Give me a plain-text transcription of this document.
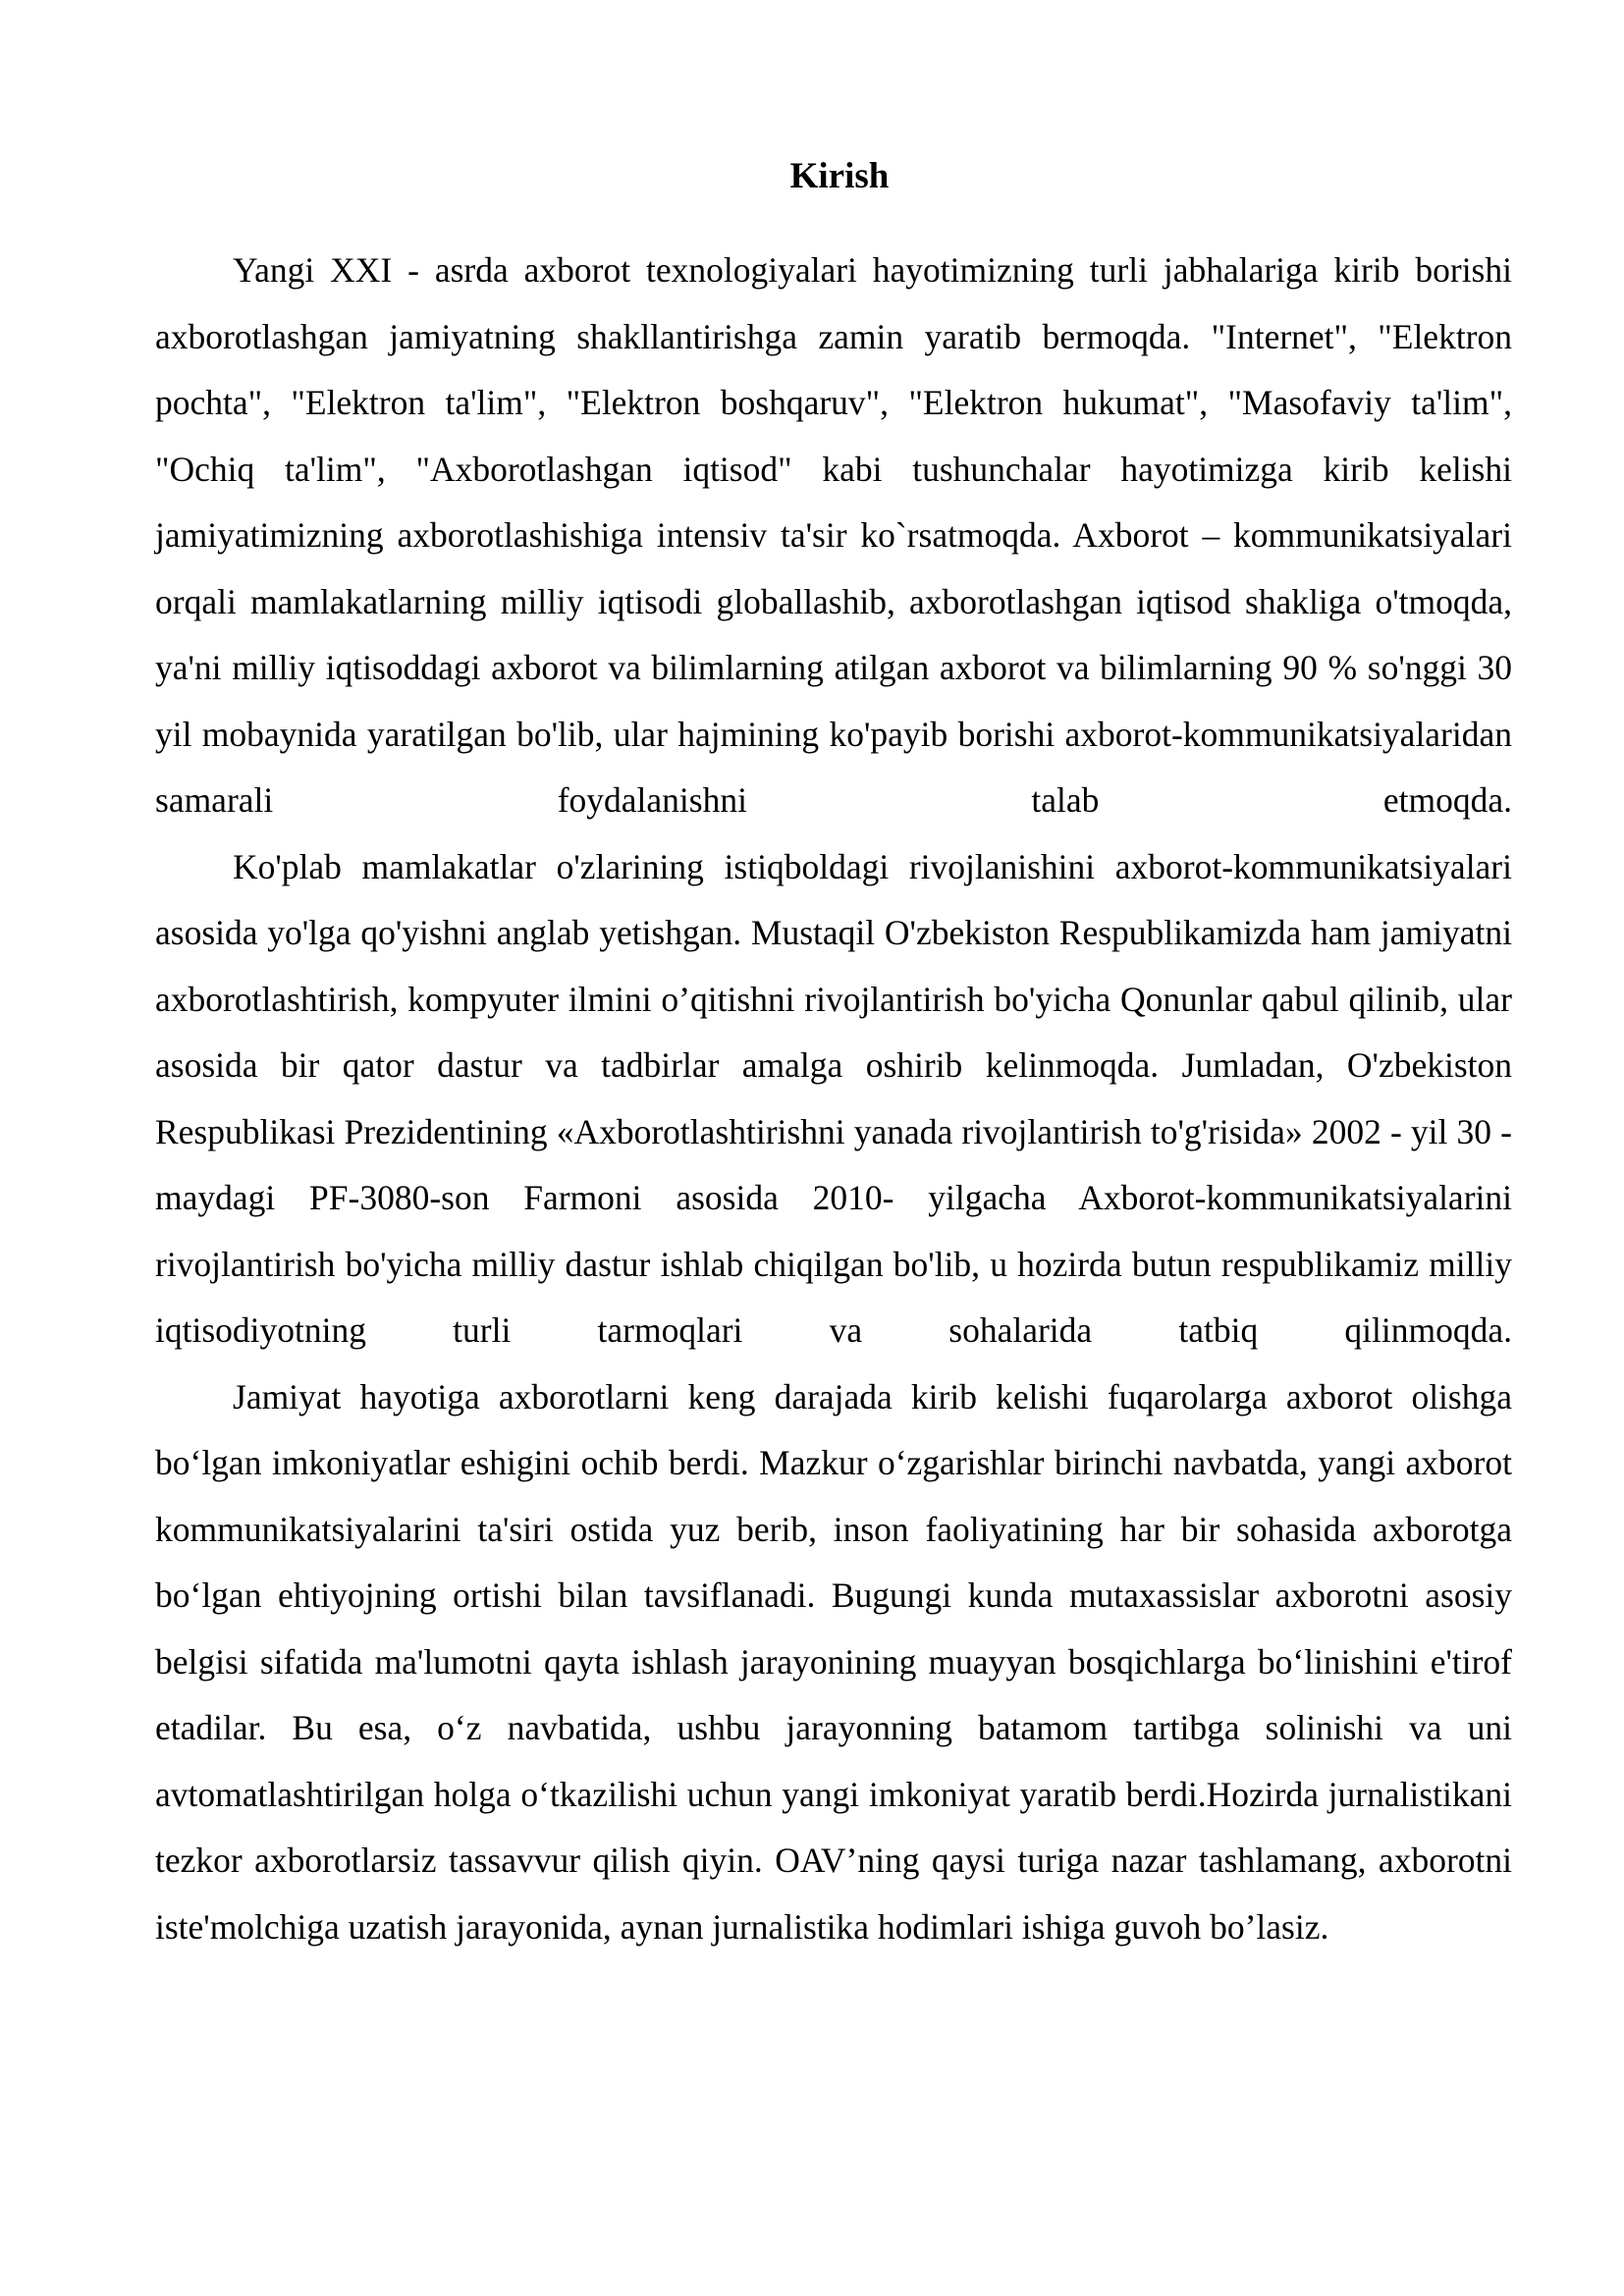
Kirish

Yangi XXI - asrda axborot texnologiyalari hayotimizning turli jabhalariga kirib borishi axborotlashgan jamiyatning shakllantirishga zamin yaratib bermoqda. "Internet", "Elektron pochta", "Elektron ta'lim", "Elektron boshqaruv", "Elektron hukumat", "Masofaviy ta'lim", "Ochiq ta'lim", "Axborotlashgan iqtisod" kabi tushunchalar hayotimizga kirib kelishi jamiyatimizning axborotlashishiga intensiv ta'sir ko`rsatmoqda. Axborot – kommunikatsiyalari orqali mamlakatlarning milliy iqtisodi globallashib, axborotlashgan iqtisod shakliga o'tmoqda, ya'ni milliy iqtisoddagi axborot va bilimlarning atilgan axborot va bilimlarning 90 % so'nggi 30 yil mobaynida yaratilgan bo'lib, ular hajmining ko'payib borishi axborot-kommunikatsiyalaridan samarali foydalanishni talab etmoqda.

Ko'plab mamlakatlar o'zlarining istiqboldagi rivojlanishini axborot-kommunikatsiyalari asosida yo'lga qo'yishni anglab yetishgan. Mustaqil O'zbekiston Respublikamizda ham jamiyatni axborotlashtirish, kompyuter ilmini o’qitishni rivojlantirish bo'yicha Qonunlar qabul qilinib, ular asosida bir qator dastur va tadbirlar amalga oshirib kelinmoqda. Jumladan, O'zbekiston Respublikasi Prezidentining «Axborotlashtirishni yanada rivojlantirish to'g'risida» 2002 - yil 30 - maydagi PF-3080-son Farmoni asosida 2010- yilgacha Axborot-kommunikatsiyalarini rivojlantirish bo'yicha milliy dastur ishlab chiqilgan bo'lib, u hozirda butun respublikamiz milliy iqtisodiyotning turli tarmoqlari va sohalarida tatbiq qilinmoqda.

Jamiyat hayotiga axborotlarni keng darajada kirib kelishi fuqarolarga axborot olishga bo‘lgan imkoniyatlar eshigini ochib berdi. Mazkur o‘zgarishlar birinchi navbatda, yangi axborot kommunikatsiyalarini ta'siri ostida yuz berib, inson faoliyatining har bir sohasida axborotga bo‘lgan ehtiyojning ortishi bilan tavsiflanadi. Bugungi kunda mutaxassislar axborotni asosiy belgisi sifatida ma'lumotni qayta ishlash jarayonining muayyan bosqichlarga bo‘linishini e'tirof etadilar. Bu esa, o‘z navbatida, ushbu jarayonning batamom tartibga solinishi va uni avtomatlashtirilgan holga o‘tkazilishi uchun yangi imkoniyat yaratib berdi.Hozirda jurnalistikani tezkor axborotlarsiz tassavvur qilish qiyin. OAV’ning qaysi turiga nazar tashlamang, axborotni iste'molchiga uzatish jarayonida, aynan jurnalistika hodimlari ishiga guvoh bo’lasiz.
